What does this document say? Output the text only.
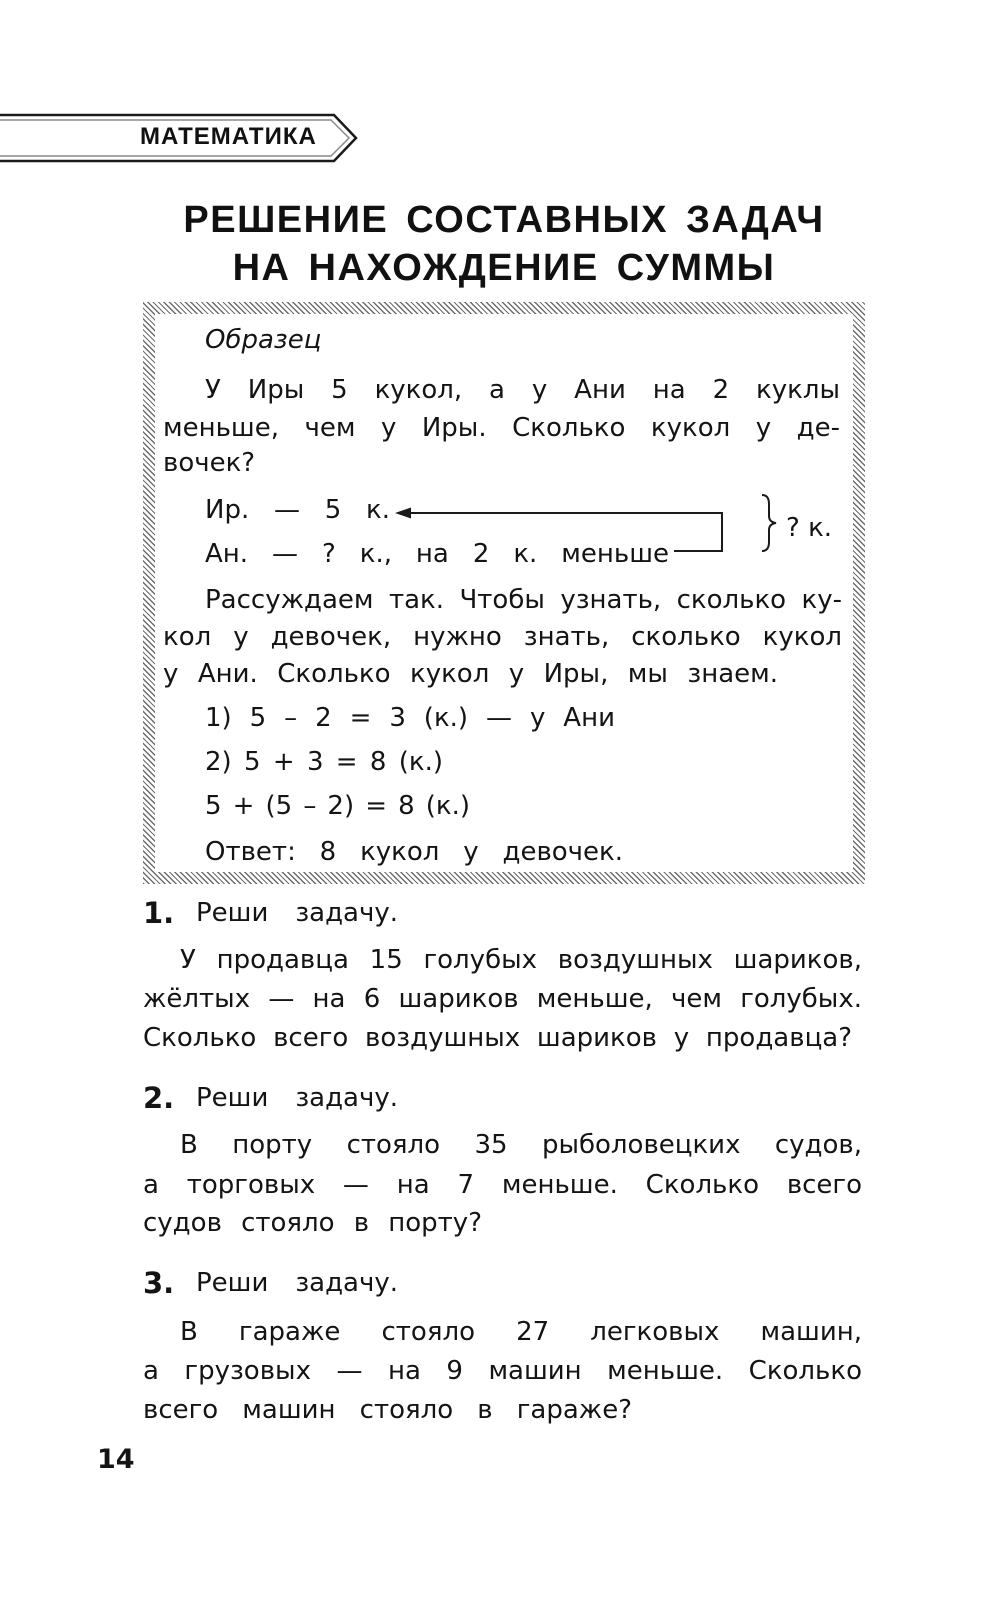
МАТЕМАТИКА
РЕШЕНИЕ СОСТАВНЫХ ЗАДАЧ
НА НАХОЖДЕНИЕ СУММЫ
Образец
У Иры 5 кукол, а у Ани на 2 куклы
меньше, чем у Иры. Сколько кукол у де-
вочек?
Ир. — 5 к.
Ан. — ? к., на 2 к. меньше
? к.
Рассуждаем так. Чтобы узнать, сколько ку-
кол у девочек, нужно знать, сколько кукол
у Ани. Сколько кукол у Иры, мы знаем.
1) 5 – 2 = 3 (к.) — у Ани
2) 5 + 3 = 8 (к.)
5 + (5 – 2) = 8 (к.)
Ответ: 8 кукол у девочек.
1. Реши задачу.
У продавца 15 голубых воздушных шариков,
жёлтых — на 6 шариков меньше, чем голубых.
Сколько всего воздушных шариков у продавца?
2. Реши задачу.
В порту стояло 35 рыболовецких судов,
а торговых — на 7 меньше. Сколько всего
судов стояло в порту?
3. Реши задачу.
В гараже стояло 27 легковых машин,
а грузовых — на 9 машин меньше. Сколько
всего машин стояло в гараже?
14
